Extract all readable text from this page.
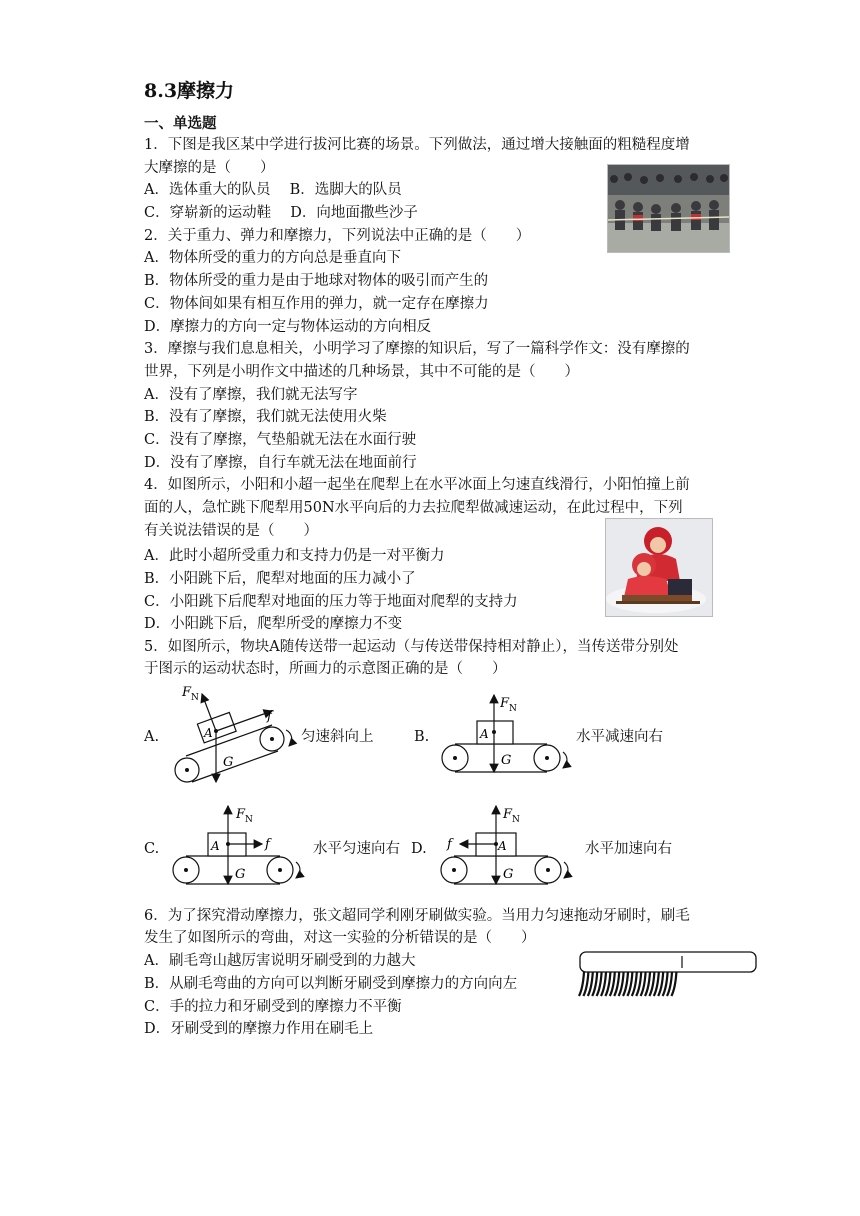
8.3摩擦力
一、单选题
1．下图是我区某中学进行拔河比赛的场景。下列做法，通过增大接触面的粗糙程度增
大摩擦的是（　　）
A．选体重大的队员　 B．选脚大的队员
C．穿崭新的运动鞋　 D．向地面撒些沙子
2．关于重力、弹力和摩擦力，下列说法中正确的是（　　）
A．物体所受的重力的方向总是垂直向下
B．物体所受的重力是由于地球对物体的吸引而产生的
C．物体间如果有相互作用的弹力，就一定存在摩擦力
D．摩擦力的方向一定与物体运动的方向相反
3．摩擦与我们息息相关，小明学习了摩擦的知识后，写了一篇科学作文：没有摩擦的
世界，下列是小明作文中描述的几种场景，其中不可能的是（　　）
A．没有了摩擦，我们就无法写字
B．没有了摩擦，我们就无法使用火柴
C．没有了摩擦，气垫船就无法在水面行驶
D．没有了摩擦，自行车就无法在地面前行
4．如图所示，小阳和小超一起坐在爬犁上在水平冰面上匀速直线滑行，小阳怕撞上前
面的人，急忙跳下爬犁用50N水平向后的力去拉爬犁做减速运动，在此过程中，下列
有关说法错误的是（　　）
A．此时小超所受重力和支持力仍是一对平衡力
B．小阳跳下后，爬犁对地面的压力减小了
C．小阳跳下后爬犁对地面的压力等于地面对爬犁的支持力
D．小阳跳下后，爬犁所受的摩擦力不变
5．如图所示，物块A随传送带一起运动（与传送带保持相对静止），当传送带分别处
于图示的运动状态时，所画力的示意图正确的是（　　）
A.	A
G
F N
f
匀速斜向上	B.	A
G
F N
水平减速向右
C.	A
G
F N
f	水平匀速向右 D.	A
G
F N
f	水平加速向右
6．为了探究滑动摩擦力，张文超同学利刚牙刷做实验。当用力匀速拖动牙刷时，刷毛
发生了如图所示的弯曲，对这一实验的分析错误的是（　　）
A．刷毛弯山越厉害说明牙刷受到的力越大
B．从刷毛弯曲的方向可以判断牙刷受到摩擦力的方向向左
C．手的拉力和牙刷受到的摩擦力不平衡
D．牙刷受到的摩擦力作用在刷毛上
